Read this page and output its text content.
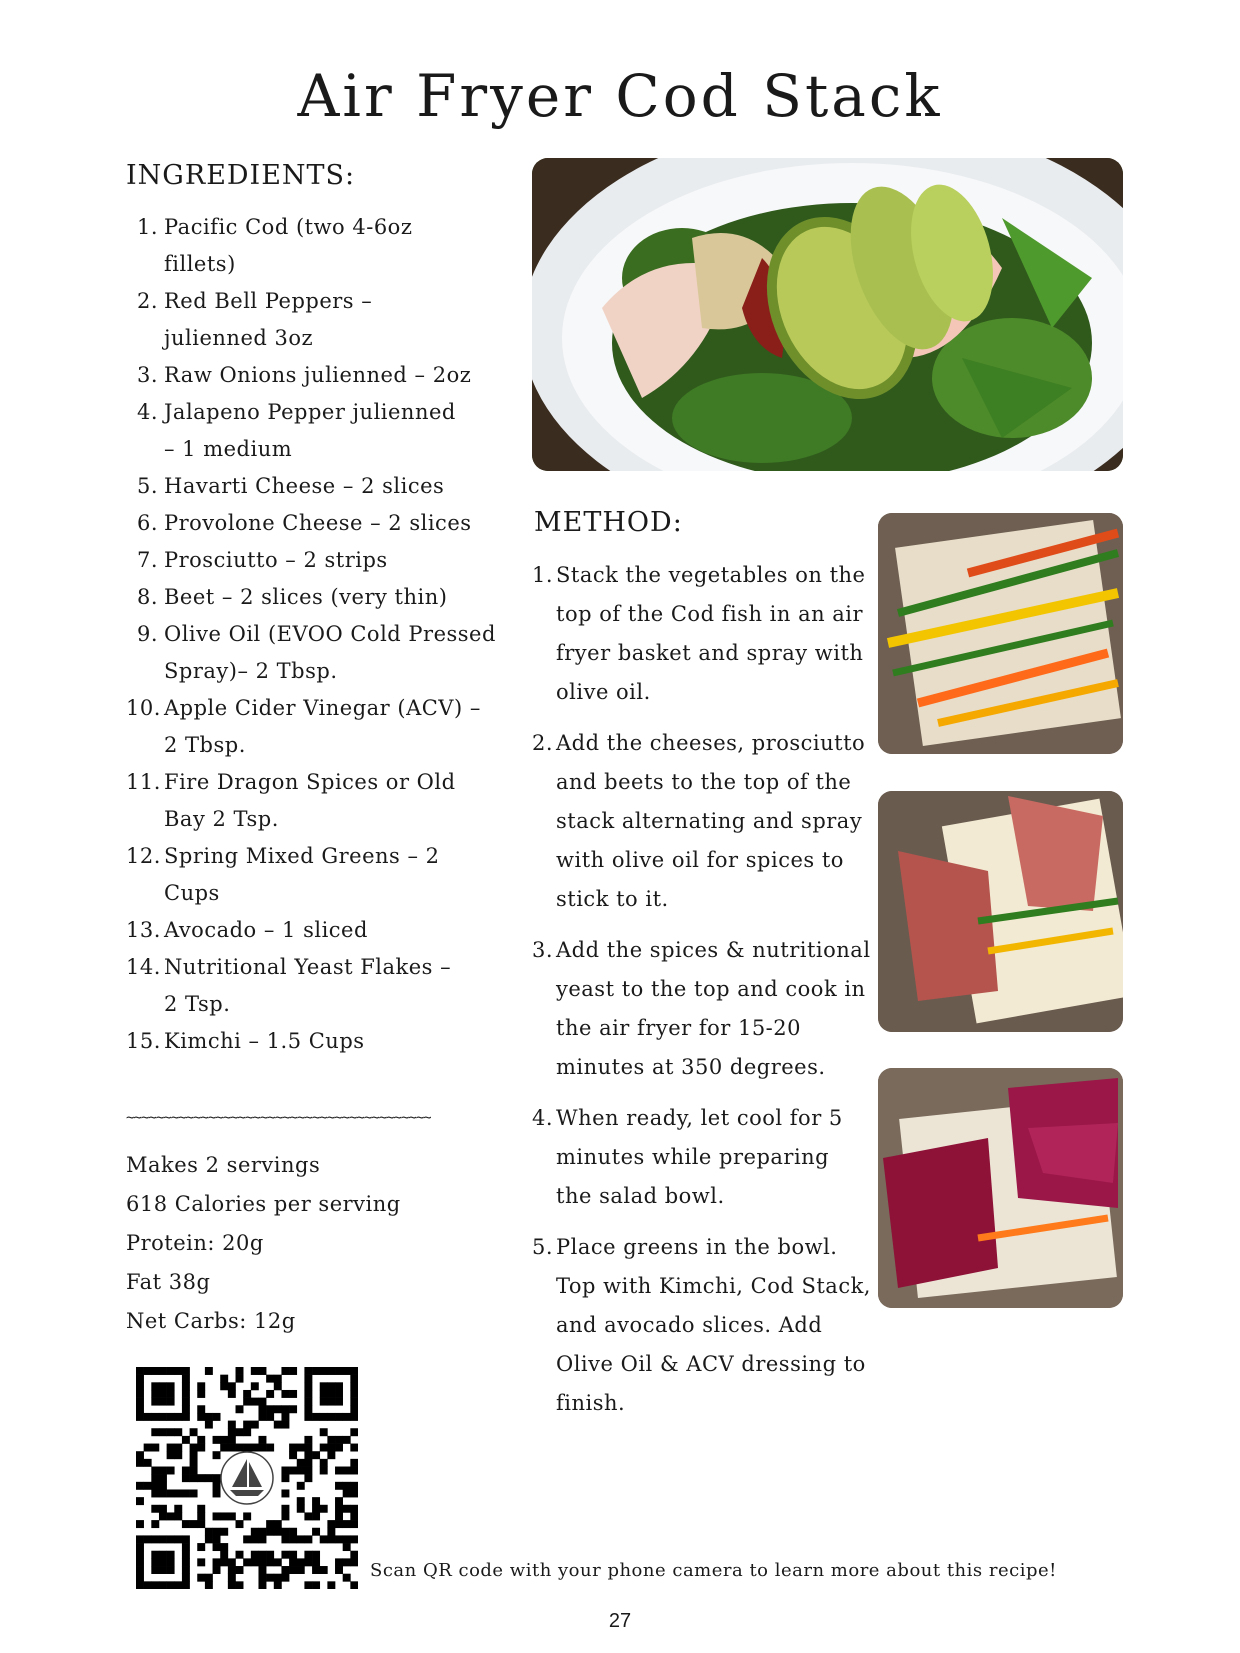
Air Fryer Cod Stack
INGREDIENTS:
1. Pacific Cod (two 4-6oz
fillets)
2. Red Bell Peppers –
julienned 3oz
3. Raw Onions julienned – 2oz
4. Jalapeno Pepper julienned
– 1 medium
5. Havarti Cheese – 2 slices
6. Provolone Cheese – 2 slices
7. Prosciutto – 2 strips
8. Beet – 2 slices (very thin)
9. Olive Oil (EVOO Cold Pressed
Spray)– 2 Tbsp.
10. Apple Cider Vinegar (ACV) –
2 Tbsp.
11. Fire Dragon Spices or Old
Bay 2 Tsp.
12. Spring Mixed Greens – 2
Cups
13. Avocado – 1 sliced
14. Nutritional Yeast Flakes –
2 Tsp.
15. Kimchi – 1.5 Cups
~~~~~~~~~~~~~~~~~~~~~~~~~~~~~~~~~~~~~~~~~
Makes 2 servings
618 Calories per serving
Protein: 20g
Fat 38g
Net Carbs: 12g
Scan QR code with your phone camera to learn more about this recipe!
METHOD:
1. Stack the vegetables on the top of the Cod fish in an air fryer basket and spray with olive oil.
2. Add the cheeses, prosciutto and beets to the top of the stack alternating and spray with olive oil for spices to stick to it.
3. Add the spices & nutritional yeast to the top and cook in the air fryer for 15-20 minutes at 350 degrees.
4. When ready, let cool for 5 minutes while preparing the salad bowl.
5. Place greens in the bowl. Top with Kimchi, Cod Stack, and avocado slices. Add Olive Oil & ACV dressing to finish.
27
